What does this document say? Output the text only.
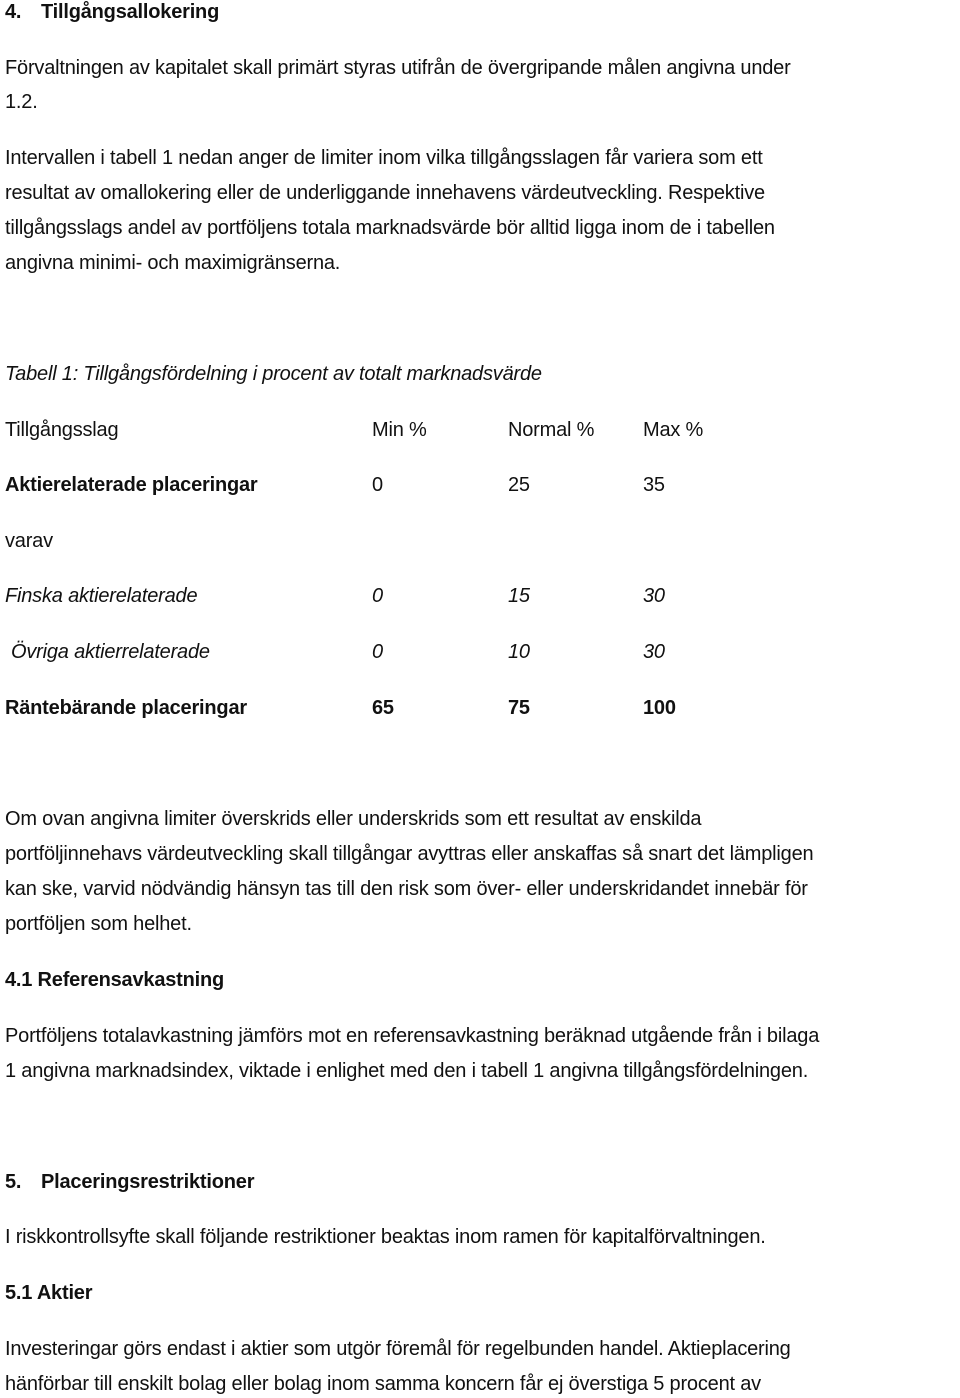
4. Tillgångsallokering
Förvaltningen av kapitalet skall primärt styras utifrån de övergripande målen angivna under
1.2.
Intervallen i tabell 1 nedan anger de limiter inom vilka tillgångsslagen får variera som ett
resultat av omallokering eller de underliggande innehavens värdeutveckling. Respektive
tillgångsslags andel av portföljens totala marknadsvärde bör alltid ligga inom de i tabellen
angivna minimi- och maximigränserna.
Tabell 1: Tillgångsfördelning i procent av totalt marknadsvärde
Tillgångsslag	Min %	Normal % Max %
Aktierelaterade placeringar	0	25	35
varav
Finska aktierelaterade	0	15	30
Övriga aktierrelaterade	0	10	30
Räntebärande placeringar	65	75	100
Om ovan angivna limiter överskrids eller underskrids som ett resultat av enskilda
portföljinnehavs värdeutveckling skall tillgångar avyttras eller anskaffas så snart det lämpligen
kan ske, varvid nödvändig hänsyn tas till den risk som över- eller underskridandet innebär för
portföljen som helhet.
4.1 Referensavkastning
Portföljens totalavkastning jämförs mot en referensavkastning beräknad utgående från i bilaga
1 angivna marknadsindex, viktade i enlighet med den i tabell 1 angivna tillgångsfördelningen.
5. Placeringsrestriktioner
I riskkontrollsyfte skall följande restriktioner beaktas inom ramen för kapitalförvaltningen.
5.1 Aktier
Investeringar görs endast i aktier som utgör föremål för regelbunden handel. Aktieplacering
hänförbar till enskilt bolag eller bolag inom samma koncern får ej överstiga 5 procent av
